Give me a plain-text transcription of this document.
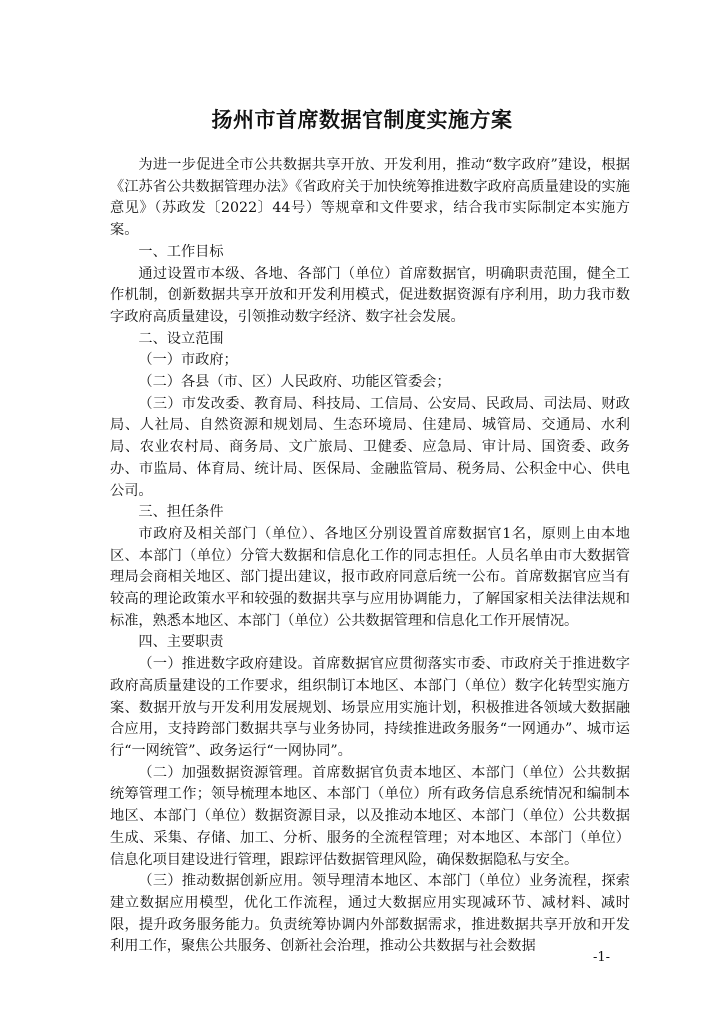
扬州市首席数据官制度实施方案

为进一步促进全市公共数据共享开放、开发利用，推动“数字政府”建设，根据《江苏省公共数据管理办法》《省政府关于加快统筹推进数字政府高质量建设的实施意见》（苏政发〔2022〕44号）等规章和文件要求，结合我市实际制定本实施方案。

一、工作目标

通过设置市本级、各地、各部门（单位）首席数据官，明确职责范围，健全工作机制，创新数据共享开放和开发利用模式，促进数据资源有序利用，助力我市数字政府高质量建设，引领推动数字经济、数字社会发展。

二、设立范围

（一）市政府；

（二）各县（市、区）人民政府、功能区管委会；

（三）市发改委、教育局、科技局、工信局、公安局、民政局、司法局、财政局、人社局、自然资源和规划局、生态环境局、住建局、城管局、交通局、水利局、农业农村局、商务局、文广旅局、卫健委、应急局、审计局、国资委、政务办、市监局、体育局、统计局、医保局、金融监管局、税务局、公积金中心、供电公司。

三、担任条件

市政府及相关部门（单位）、各地区分别设置首席数据官1名，原则上由本地区、本部门（单位）分管大数据和信息化工作的同志担任。人员名单由市大数据管理局会商相关地区、部门提出建议，报市政府同意后统一公布。首席数据官应当有较高的理论政策水平和较强的数据共享与应用协调能力，了解国家相关法律法规和标准，熟悉本地区、本部门（单位）公共数据管理和信息化工作开展情况。

四、主要职责

（一）推进数字政府建设。首席数据官应贯彻落实市委、市政府关于推进数字政府高质量建设的工作要求，组织制订本地区、本部门（单位）数字化转型实施方案、数据开放与开发利用发展规划、场景应用实施计划，积极推进各领域大数据融合应用，支持跨部门数据共享与业务协同，持续推进政务服务“一网通办”、城市运行“一网统管”、政务运行“一网协同”。

（二）加强数据资源管理。首席数据官负责本地区、本部门（单位）公共数据统筹管理工作；领导梳理本地区、本部门（单位）所有政务信息系统情况和编制本地区、本部门（单位）数据资源目录，以及推动本地区、本部门（单位）公共数据生成、采集、存储、加工、分析、服务的全流程管理；对本地区、本部门（单位）信息化项目建设进行管理，跟踪评估数据管理风险，确保数据隐私与安全。

（三）推动数据创新应用。领导理清本地区、本部门（单位）业务流程，探索建立数据应用模型，优化工作流程，通过大数据应用实现减环节、减材料、减时限，提升政务服务能力。负责统筹协调内外部数据需求，推进数据共享开放和开发利用工作，聚焦公共服务、创新社会治理，推动公共数据与社会数据

-1-
